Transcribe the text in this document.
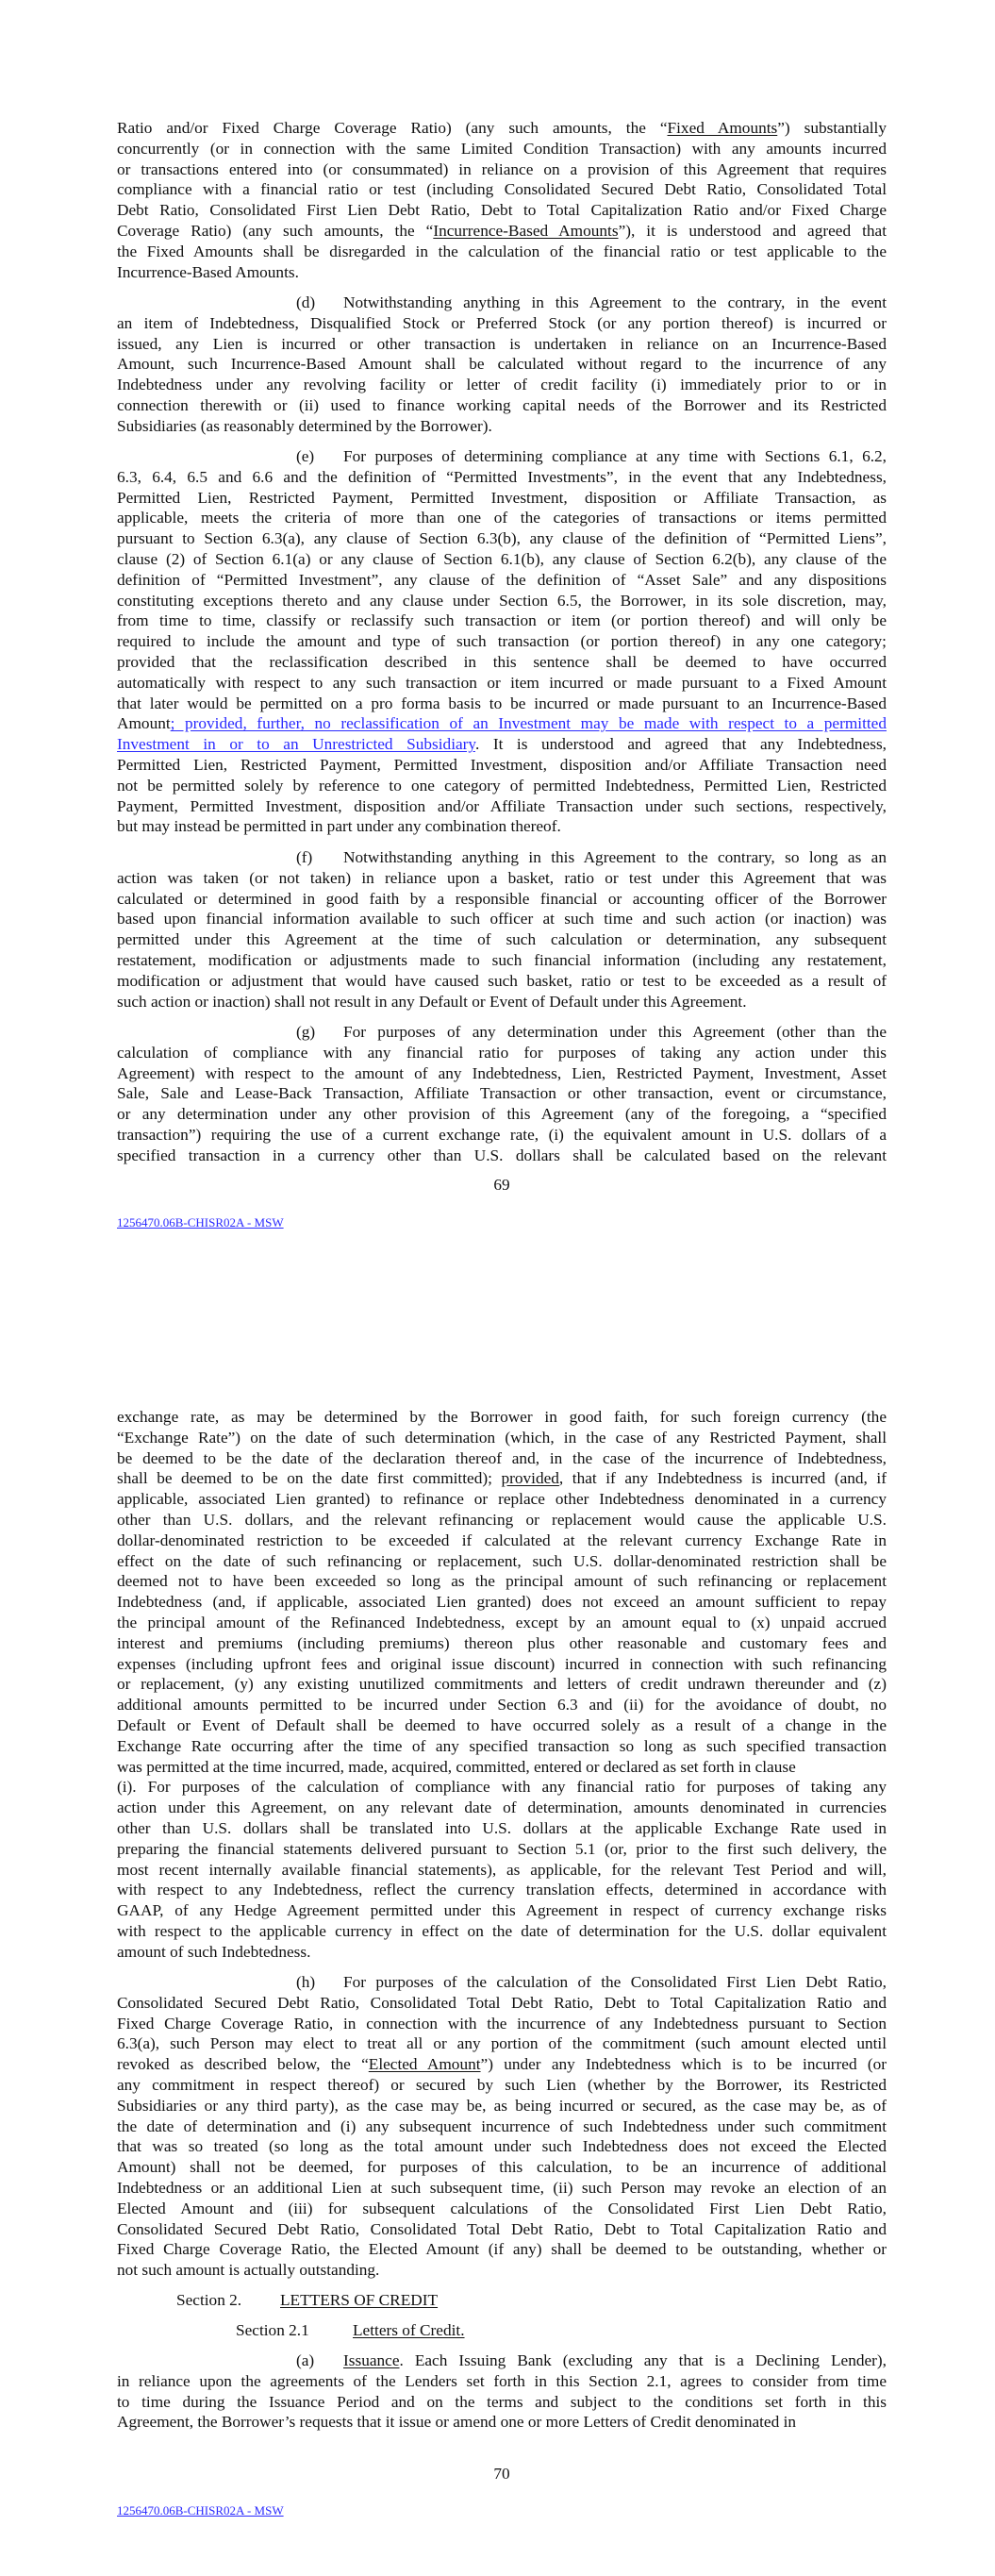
Ratio and/or Fixed Charge Coverage Ratio) (any such amounts, the “Fixed Amounts”) substantially
concurrently (or in connection with the same Limited Condition Transaction) with any amounts incurred
or transactions entered into (or consummated) in reliance on a provision of this Agreement that requires
compliance with a financial ratio or test (including Consolidated Secured Debt Ratio, Consolidated Total
Debt Ratio, Consolidated First Lien Debt Ratio, Debt to Total Capitalization Ratio and/or Fixed Charge
Coverage Ratio) (any such amounts, the “Incurrence-Based Amounts”), it is understood and agreed that
the Fixed Amounts shall be disregarded in the calculation of the financial ratio or test applicable to the
Incurrence-Based Amounts.
(d) Notwithstanding anything in this Agreement to the contrary, in the event
an item of Indebtedness, Disqualified Stock or Preferred Stock (or any portion thereof) is incurred or
issued, any Lien is incurred or other transaction is undertaken in reliance on an Incurrence-Based
Amount, such Incurrence-Based Amount shall be calculated without regard to the incurrence of any
Indebtedness under any revolving facility or letter of credit facility (i) immediately prior to or in
connection therewith or (ii) used to finance working capital needs of the Borrower and its Restricted
Subsidiaries (as reasonably determined by the Borrower).
(e) For purposes of determining compliance at any time with Sections 6.1, 6.2,
6.3, 6.4, 6.5 and 6.6 and the definition of “Permitted Investments”, in the event that any Indebtedness,
Permitted Lien, Restricted Payment, Permitted Investment, disposition or Affiliate Transaction, as
applicable, meets the criteria of more than one of the categories of transactions or items permitted
pursuant to Section 6.3(a), any clause of Section 6.3(b), any clause of the definition of “Permitted Liens”,
clause (2) of Section 6.1(a) or any clause of Section 6.1(b), any clause of Section 6.2(b), any clause of the
definition of “Permitted Investment”, any clause of the definition of “Asset Sale” and any dispositions
constituting exceptions thereto and any clause under Section 6.5, the Borrower, in its sole discretion, may,
from time to time, classify or reclassify such transaction or item (or portion thereof) and will only be
required to include the amount and type of such transaction (or portion thereof) in any one category;
provided that the reclassification described in this sentence shall be deemed to have occurred
automatically with respect to any such transaction or item incurred or made pursuant to a Fixed Amount
that later would be permitted on a pro forma basis to be incurred or made pursuant to an Incurrence-Based
Amount; provided, further, no reclassification of an Investment may be made with respect to a permitted
Investment in or to an Unrestricted Subsidiary. It is understood and agreed that any Indebtedness,
Permitted Lien, Restricted Payment, Permitted Investment, disposition and/or Affiliate Transaction need
not be permitted solely by reference to one category of permitted Indebtedness, Permitted Lien, Restricted
Payment, Permitted Investment, disposition and/or Affiliate Transaction under such sections, respectively,
but may instead be permitted in part under any combination thereof.
(f) Notwithstanding anything in this Agreement to the contrary, so long as an
action was taken (or not taken) in reliance upon a basket, ratio or test under this Agreement that was
calculated or determined in good faith by a responsible financial or accounting officer of the Borrower
based upon financial information available to such officer at such time and such action (or inaction) was
permitted under this Agreement at the time of such calculation or determination, any subsequent
restatement, modification or adjustments made to such financial information (including any restatement,
modification or adjustment that would have caused such basket, ratio or test to be exceeded as a result of
such action or inaction) shall not result in any Default or Event of Default under this Agreement.
(g) For purposes of any determination under this Agreement (other than the
calculation of compliance with any financial ratio for purposes of taking any action under this
Agreement) with respect to the amount of any Indebtedness, Lien, Restricted Payment, Investment, Asset
Sale, Sale and Lease-Back Transaction, Affiliate Transaction or other transaction, event or circumstance,
or any determination under any other provision of this Agreement (any of the foregoing, a “specified
transaction”) requiring the use of a current exchange rate, (i) the equivalent amount in U.S. dollars of a
specified transaction in a currency other than U.S. dollars shall be calculated based on the relevant
69
1256470.06B-CHISR02A - MSW
exchange rate, as may be determined by the Borrower in good faith, for such foreign currency (the
“Exchange Rate”) on the date of such determination (which, in the case of any Restricted Payment, shall
be deemed to be the date of the declaration thereof and, in the case of the incurrence of Indebtedness,
shall be deemed to be on the date first committed); provided, that if any Indebtedness is incurred (and, if
applicable, associated Lien granted) to refinance or replace other Indebtedness denominated in a currency
other than U.S. dollars, and the relevant refinancing or replacement would cause the applicable U.S.
dollar-denominated restriction to be exceeded if calculated at the relevant currency Exchange Rate in
effect on the date of such refinancing or replacement, such U.S. dollar-denominated restriction shall be
deemed not to have been exceeded so long as the principal amount of such refinancing or replacement
Indebtedness (and, if applicable, associated Lien granted) does not exceed an amount sufficient to repay
the principal amount of the Refinanced Indebtedness, except by an amount equal to (x) unpaid accrued
interest and premiums (including premiums) thereon plus other reasonable and customary fees and
expenses (including upfront fees and original issue discount) incurred in connection with such refinancing
or replacement, (y) any existing unutilized commitments and letters of credit undrawn thereunder and (z)
additional amounts permitted to be incurred under Section 6.3 and (ii) for the avoidance of doubt, no
Default or Event of Default shall be deemed to have occurred solely as a result of a change in the
Exchange Rate occurring after the time of any specified transaction so long as such specified transaction
was permitted at the time incurred, made, acquired, committed, entered or declared as set forth in clause
(i). For purposes of the calculation of compliance with any financial ratio for purposes of taking any
action under this Agreement, on any relevant date of determination, amounts denominated in currencies
other than U.S. dollars shall be translated into U.S. dollars at the applicable Exchange Rate used in
preparing the financial statements delivered pursuant to Section 5.1 (or, prior to the first such delivery, the
most recent internally available financial statements), as applicable, for the relevant Test Period and will,
with respect to any Indebtedness, reflect the currency translation effects, determined in accordance with
GAAP, of any Hedge Agreement permitted under this Agreement in respect of currency exchange risks
with respect to the applicable currency in effect on the date of determination for the U.S. dollar equivalent
amount of such Indebtedness.
(h) For purposes of the calculation of the Consolidated First Lien Debt Ratio,
Consolidated Secured Debt Ratio, Consolidated Total Debt Ratio, Debt to Total Capitalization Ratio and
Fixed Charge Coverage Ratio, in connection with the incurrence of any Indebtedness pursuant to Section
6.3(a), such Person may elect to treat all or any portion of the commitment (such amount elected until
revoked as described below, the “Elected Amount”) under any Indebtedness which is to be incurred (or
any commitment in respect thereof) or secured by such Lien (whether by the Borrower, its Restricted
Subsidiaries or any third party), as the case may be, as being incurred or secured, as the case may be, as of
the date of determination and (i) any subsequent incurrence of such Indebtedness under such commitment
that was so treated (so long as the total amount under such Indebtedness does not exceed the Elected
Amount) shall not be deemed, for purposes of this calculation, to be an incurrence of additional
Indebtedness or an additional Lien at such subsequent time, (ii) such Person may revoke an election of an
Elected Amount and (iii) for subsequent calculations of the Consolidated First Lien Debt Ratio,
Consolidated Secured Debt Ratio, Consolidated Total Debt Ratio, Debt to Total Capitalization Ratio and
Fixed Charge Coverage Ratio, the Elected Amount (if any) shall be deemed to be outstanding, whether or
not such amount is actually outstanding.
(a) Issuance. Each Issuing Bank (excluding any that is a Declining Lender),
in reliance upon the agreements of the Lenders set forth in this Section 2.1, agrees to consider from time
to time during the Issuance Period and on the terms and subject to the conditions set forth in this
Agreement, the Borrower’s requests that it issue or amend one or more Letters of Credit denominated in
Section 2. LETTERS OF CREDIT
Section 2.1	Letters of Credit.
70
1256470.06B-CHISR02A - MSW
